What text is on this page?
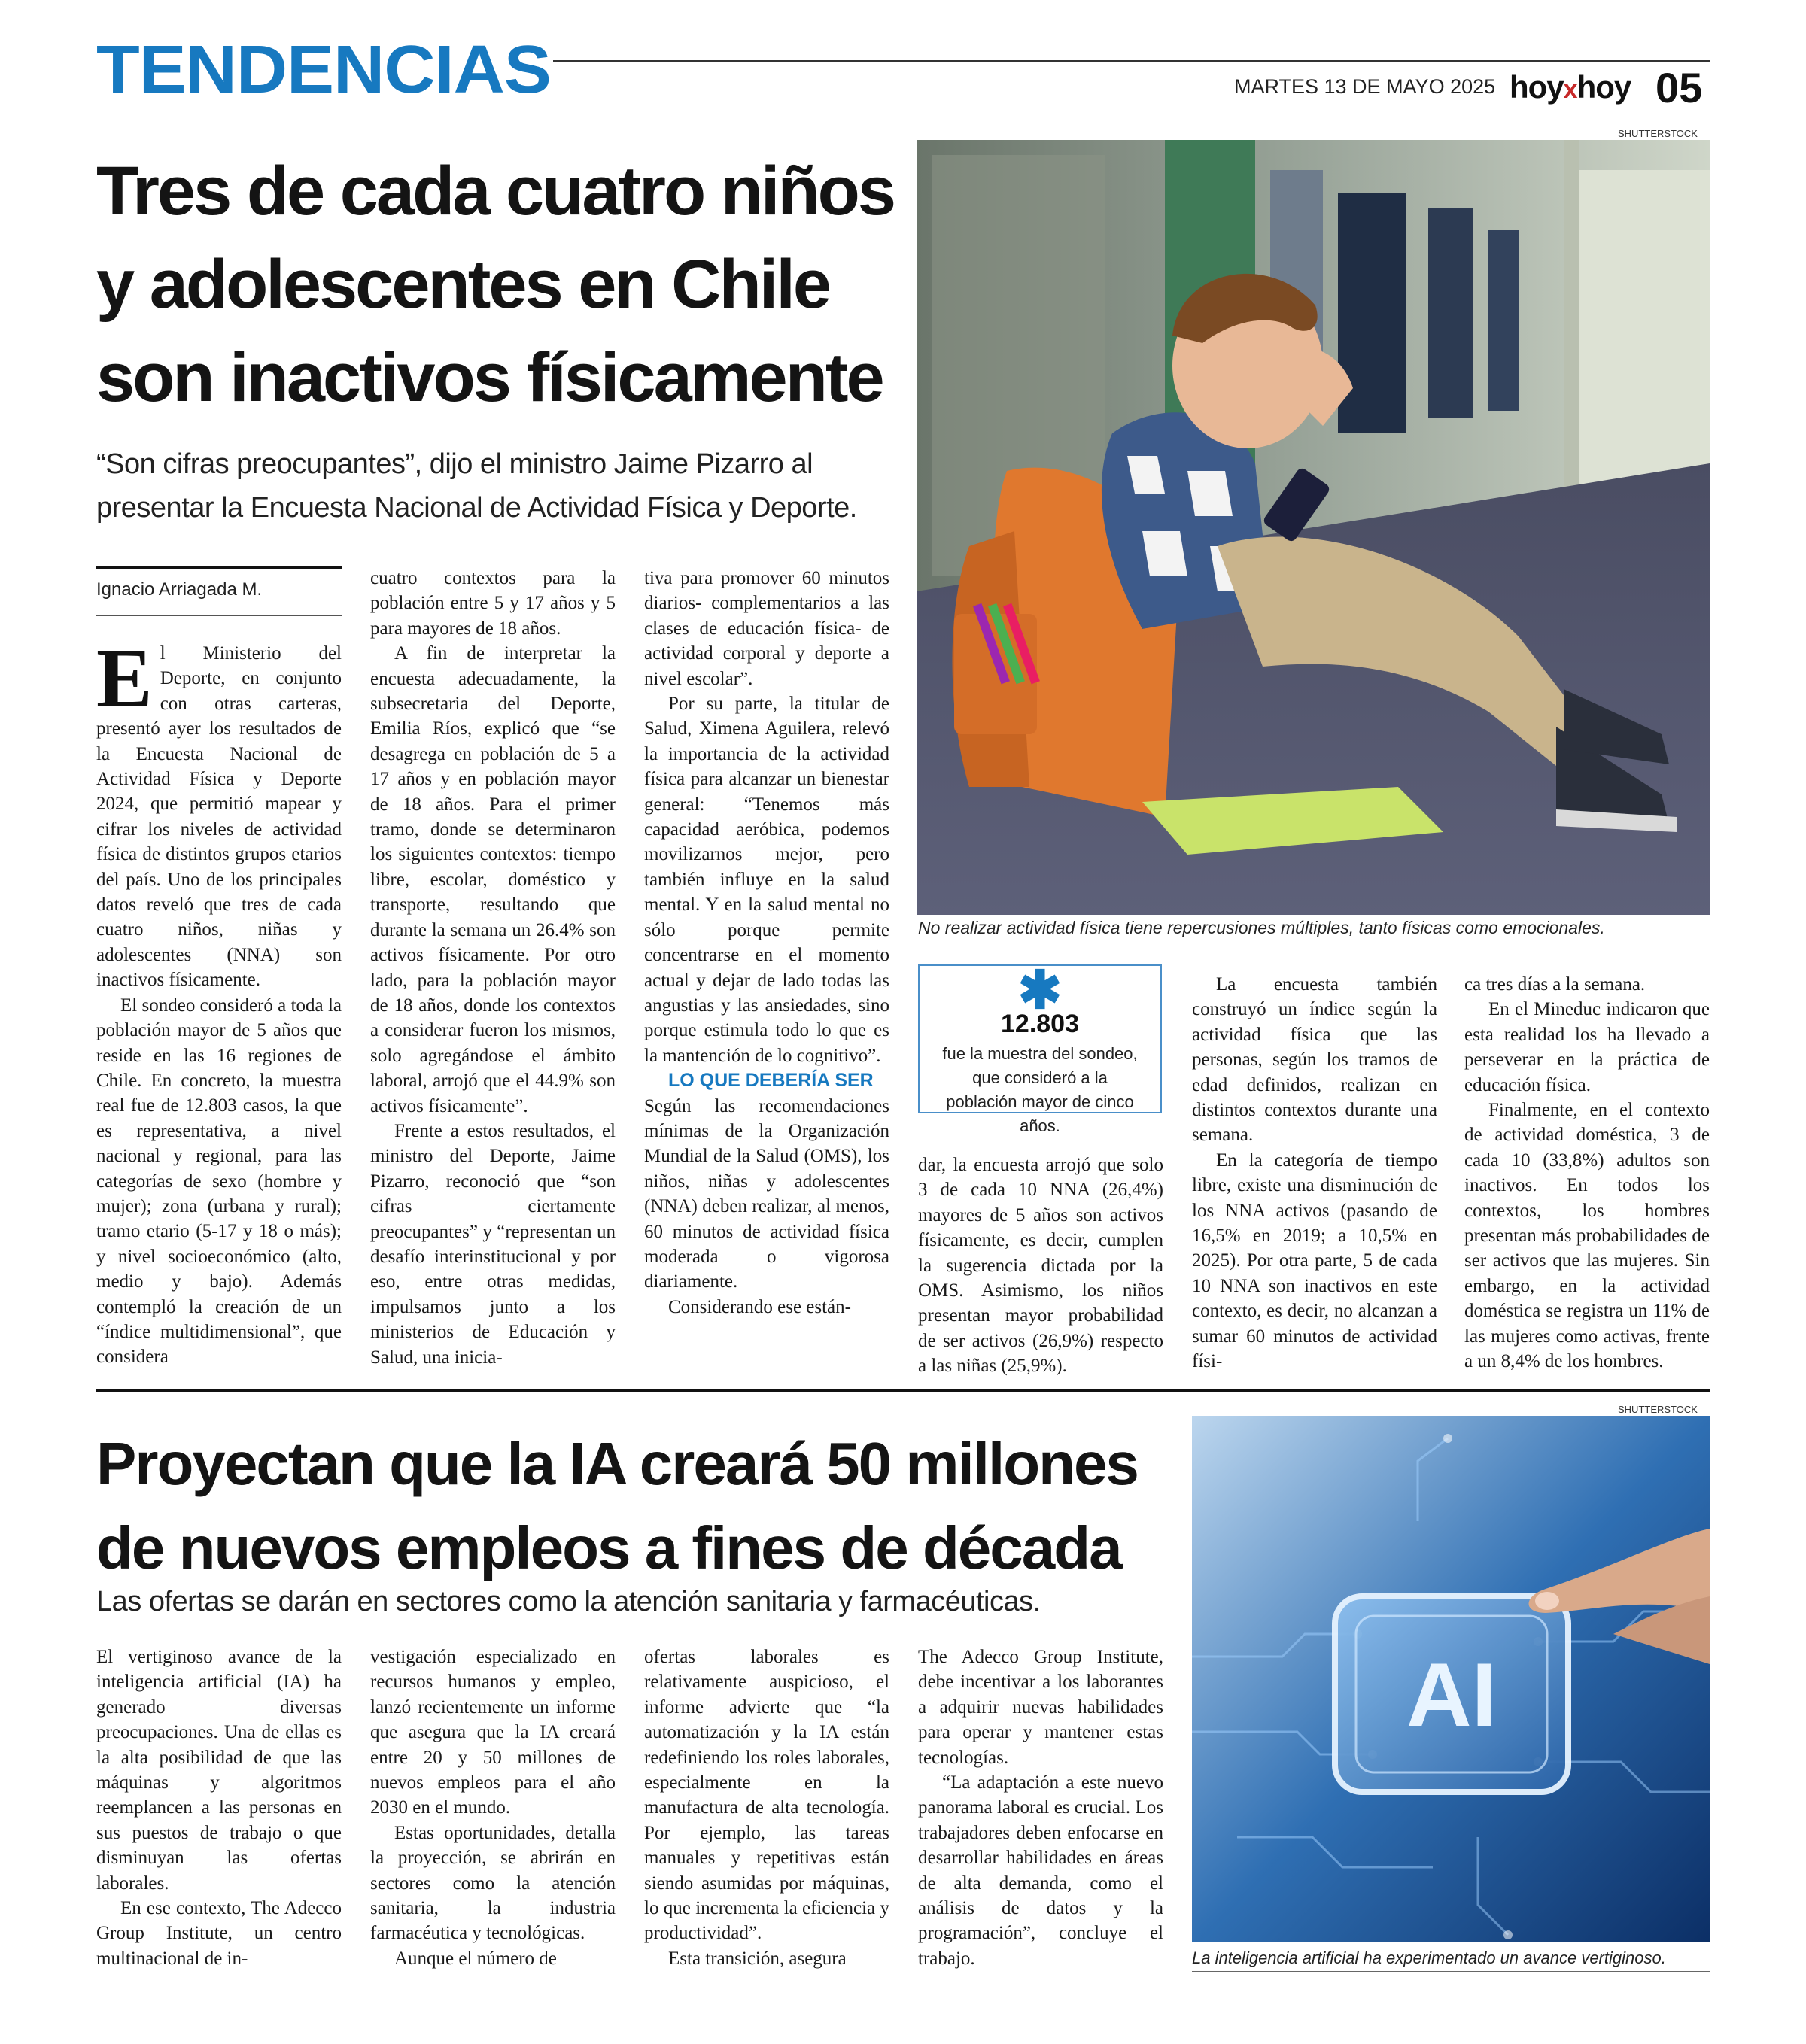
TENDENCIAS	MARTES 13 DE MAYO 2025 hoyxhoy 05
Tres de cada cuatro niños y adolescentes en Chile son inactivos físicamente
“Son cifras preocupantes”, dijo el ministro Jaime Pizarro al presentar la Encuesta Nacional de Actividad Física y Deporte.
Ignacio Arriagada M.
E l Ministerio del Deporte, en conjunto con otras carteras, presentó ayer los resultados de la Encuesta Nacional de Actividad Física y Deporte 2024, que permitió mapear y cifrar los niveles de actividad física de distintos grupos etarios del país. Uno de los principales datos reveló que tres de cada cuatro niños, niñas y adolescentes (NNA) son inactivos físicamente.

El sondeo consideró a toda la población mayor de 5 años que reside en las 16 regiones de Chile. En concreto, la muestra real fue de 12.803 casos, la que es representativa, a nivel nacional y regional, para las categorías de sexo (hombre y mujer); zona (urbana y rural); tramo etario (5-17 y 18 o más); y nivel socioeconómico (alto, medio y bajo). Además contempló la creación de un “índice multidimensional”, que considera

cuatro contextos para la población entre 5 y 17 años y 5 para mayores de 18 años.

A fin de interpretar la encuesta adecuadamente, la subsecretaria del Deporte, Emilia Ríos, explicó que “se desagrega en población de 5 a 17 años y en población mayor de 18 años. Para el primer tramo, donde se determinaron los siguientes contextos: tiempo libre, escolar, doméstico y transporte, resultando que durante la semana un 26.4% son activos físicamente. Por otro lado, para la población mayor de 18 años, donde los contextos a considerar fueron los mismos, solo agregándose el ámbito laboral, arrojó que el 44.9% son activos físicamente”.

Frente a estos resultados, el ministro del Deporte, Jaime Pizarro, reconoció que “son cifras ciertamente preocupantes” y “representan un desafío interinstitucional y por eso, entre otras medidas, impulsamos junto a los ministerios de Educación y Salud, una inicia-

tiva para promover 60 minutos diarios- complementarios a las clases de educación física- de actividad corporal y deporte a nivel escolar”.

Por su parte, la titular de Salud, Ximena Aguilera, relevó la importancia de la actividad física para alcanzar un bienestar general: “Tenemos más capacidad aeróbica, podemos movilizarnos mejor, pero también influye en la salud mental. Y en la salud mental no sólo porque permite concentrarse en el momento actual y dejar de lado todas las angustias y las ansiedades, sino porque estimula todo lo que es la mantención de lo cognitivo”.

LO QUE DEBERÍA SER

Según las recomendaciones mínimas de la Organización Mundial de la Salud (OMS), los niños, niñas y adolescentes (NNA) deben realizar, al menos, 60 minutos de actividad física moderada o vigorosa diariamente.

Considerando ese están-

SHUTTERSTOCK
No realizar actividad física tiene repercusiones múltiples, tanto físicas como emocionales.
✱
12.803
fue la muestra del sondeo, que consideró a la población mayor de cinco años.

dar, la encuesta arrojó que solo 3 de cada 10 NNA (26,4%) mayores de 5 años son activos físicamente, es decir, cumplen la sugerencia dictada por la OMS. Asimismo, los niños presentan mayor probabilidad de ser activos (26,9%) respecto a las niñas (25,9%).

La encuesta también construyó un índice según la actividad física que las personas, según los tramos de edad definidos, realizan en distintos contextos durante una semana.

En la categoría de tiempo libre, existe una disminución de los NNA activos (pasando de 16,5% en 2019; a 10,5% en 2025). Por otra parte, 5 de cada 10 NNA son inactivos en este contexto, es decir, no alcanzan a sumar 60 minutos de actividad físi-

ca tres días a la semana.

En el Mineduc indicaron que esta realidad los ha llevado a perseverar en la práctica de educación física.

Finalmente, en el contexto de actividad doméstica, 3 de cada 10 (33,8%) adultos son inactivos. En todos los contextos, los hombres presentan más probabilidades de ser activos que las mujeres. Sin embargo, en la actividad doméstica se registra un 11% de las mujeres como activas, frente a un 8,4% de los hombres.

Proyectan que la IA creará 50 millones de nuevos empleos a fines de década
Las ofertas se darán en sectores como la atención sanitaria y farmacéuticas.

El vertiginoso avance de la inteligencia artificial (IA) ha generado diversas preocupaciones. Una de ellas es la alta posibilidad de que las máquinas y algoritmos reemplancen a las personas en sus puestos de trabajo o que disminuyan las ofertas laborales.

En ese contexto, The Adecco Group Institute, un centro multinacional de in-

vestigación especializado en recursos humanos y empleo, lanzó recientemente un informe que asegura que la IA creará entre 20 y 50 millones de nuevos empleos para el año 2030 en el mundo.

Estas oportunidades, detalla la proyección, se abrirán en sectores como la atención sanitaria, la industria farmacéutica y tecnológicas.

Aunque el número de

ofertas laborales es relativamente auspicioso, el informe advierte que “la automatización y la IA están redefiniendo los roles laborales, especialmente en la manufactura de alta tecnología. Por ejemplo, las tareas manuales y repetitivas están siendo asumidas por máquinas, lo que incrementa la eficiencia y productividad”.

Esta transición, asegura

The Adecco Group Institute, debe incentivar a los laborantes a adquirir nuevas habilidades para operar y mantener estas tecnologías.

“La adaptación a este nuevo panorama laboral es crucial. Los trabajadores deben enfocarse en desarrollar habilidades en áreas de alta demanda, como el análisis de datos y la programación”, concluye el trabajo.

SHUTTERSTOCK
AI
La inteligencia artificial ha experimentado un avance vertiginoso.
